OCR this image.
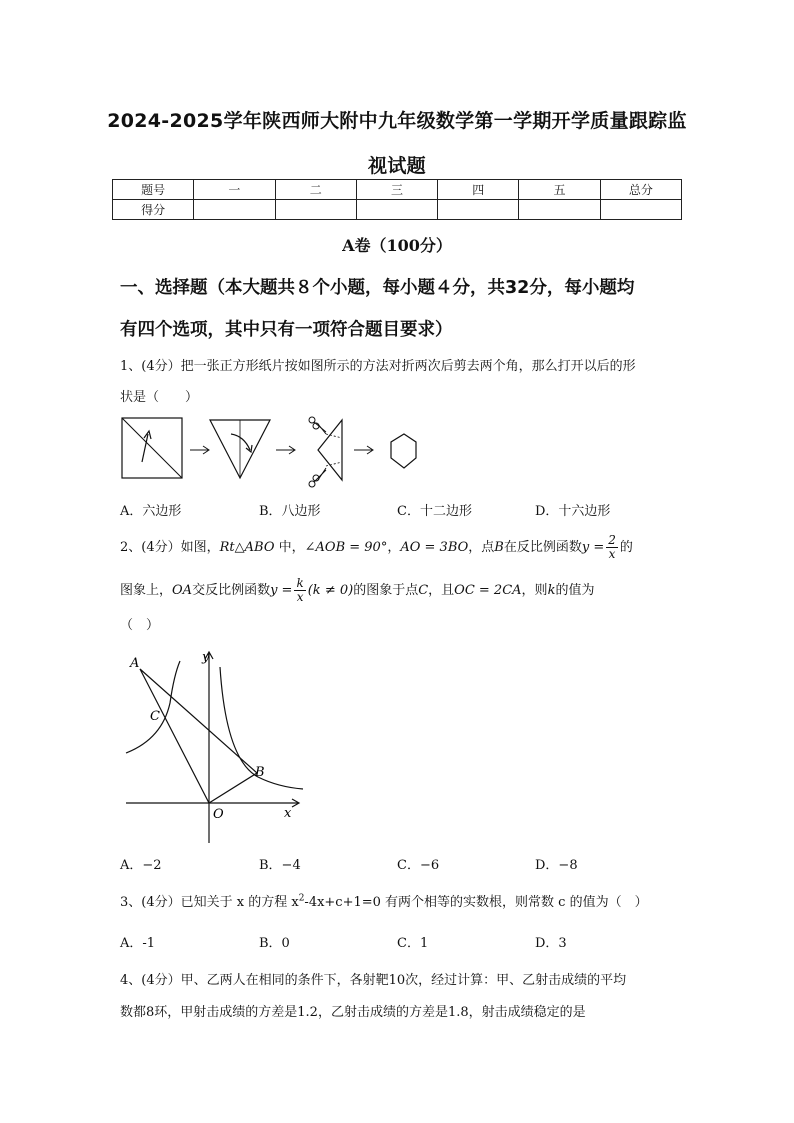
2024-2025学年陕西师大附中九年级数学第一学期开学质量跟踪监
视试题
题号	一	二	三	四	五	总分
得分						
A卷（100分）
一、选择题（本大题共８个小题，每小题４分，共32分，每小题均
有四个选项，其中只有一项符合题目要求）
1、(4分）把一张正方形纸片按如图所示的方法对折两次后剪去两个角，那么打开以后的形
状是（　　）
A．六边形	B．八边形	C．十二边形	D．十六边形
2、(4分）如图，Rt△ABO 中，∠AOB = 90°，AO = 3BO，点B在反比例函数$y = \frac{2}{x}$ 的
图象上，OA交反比例函数$y = \frac{k}{x} (k \ne 0)$的图象于点C，且OC = 2CA，则k的值为
（　）
A
C
B
O
y
x
A．−2	B．−4	C．−6	D．−8
3、(4分）已知关于 x 的方程 $x^2-4x+c+1=0$ 有两个相等的实数根，则常数 c 的值为（　）
A．-1	B．0	C．1	D．3
4、(4分）甲、乙两人在相同的条件下，各射靶10次，经过计算：甲、乙射击成绩的平均
数都8环，甲射击成绩的方差是1.2，乙射击成绩的方差是1.8，射击成绩稳定的是
